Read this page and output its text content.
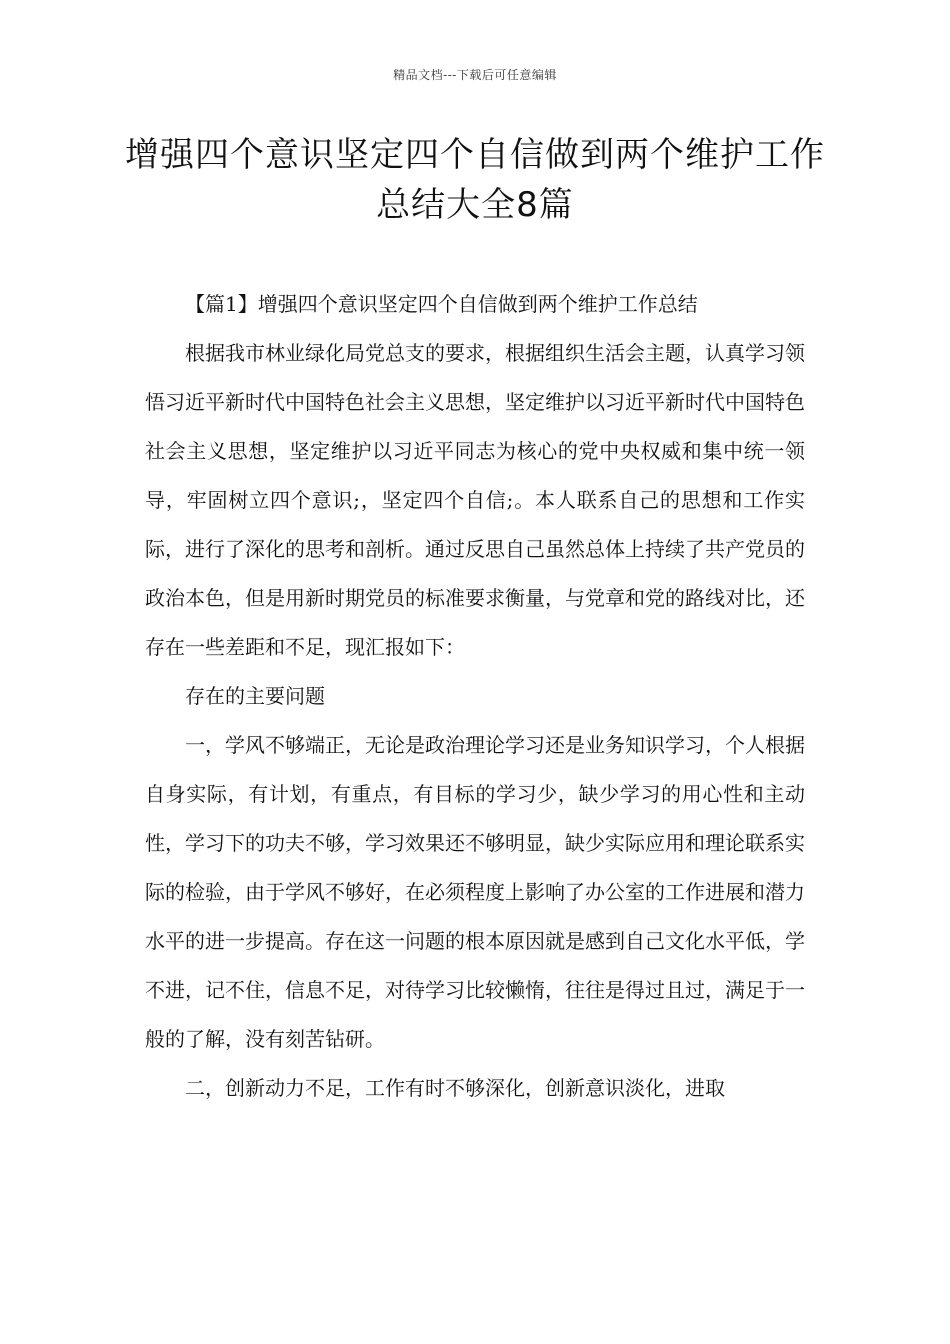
精品文档---下载后可任意编辑
增强四个意识坚定四个自信做到两个维护工作总结大全8篇

【篇1】增强四个意识坚定四个自信做到两个维护工作总结

根据我市林业绿化局党总支的要求，根据组织生活会主题，认真学习领悟习近平新时代中国特色社会主义思想，坚定维护以习近平新时代中国特色社会主义思想，坚定维护以习近平同志为核心的党中央权威和集中统一领导，牢固树立四个意识;，坚定四个自信;。本人联系自己的思想和工作实际，进行了深化的思考和剖析。通过反思自己虽然总体上持续了共产党员的政治本色，但是用新时期党员的标准要求衡量，与党章和党的路线对比，还存在一些差距和不足，现汇报如下：

存在的主要问题

一，学风不够端正，无论是政治理论学习还是业务知识学习，个人根据自身实际，有计划，有重点，有目标的学习少，缺少学习的用心性和主动性，学习下的功夫不够，学习效果还不够明显，缺少实际应用和理论联系实际的检验，由于学风不够好，在必须程度上影响了办公室的工作进展和潜力水平的进一步提高。存在这一问题的根本原因就是感到自己文化水平低，学不进，记不住，信息不足，对待学习比较懒惰，往往是得过且过，满足于一般的了解，没有刻苦钻研。

二，创新动力不足，工作有时不够深化，创新意识淡化，进取
